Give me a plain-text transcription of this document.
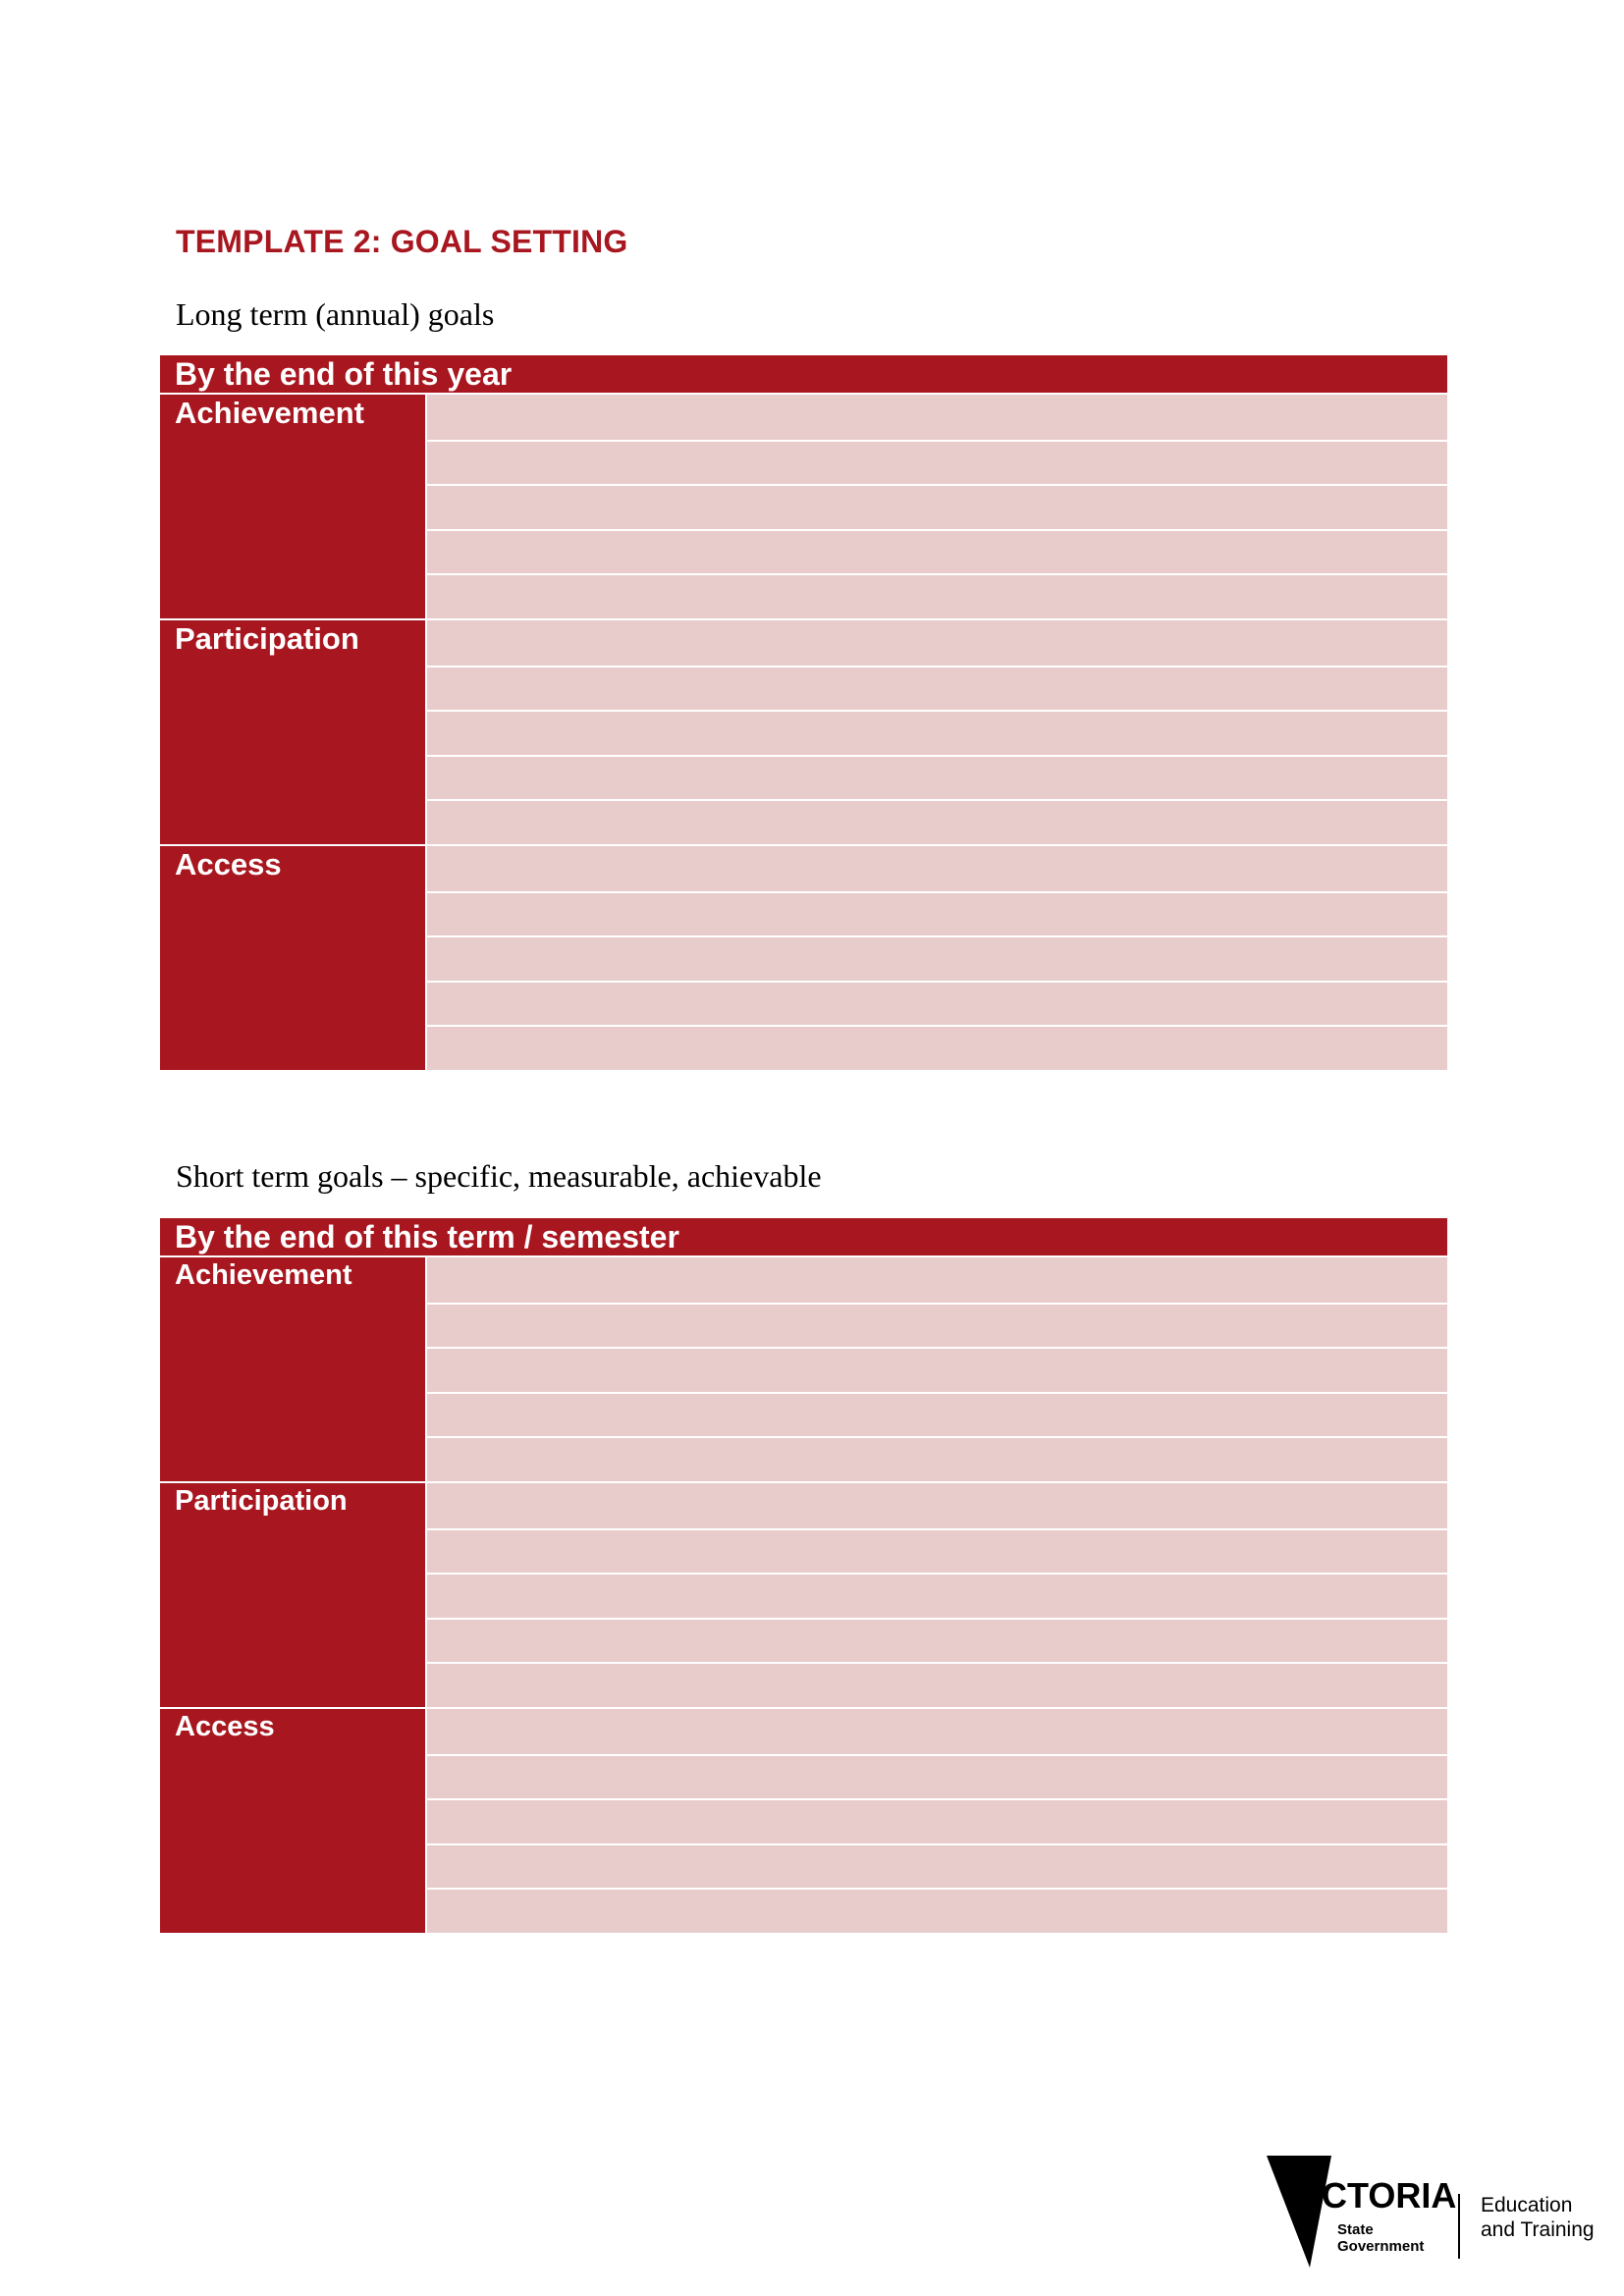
TEMPLATE 2: GOAL SETTING

Long term (annual) goals

By the end of this year
Achievement
Participation
Access

Short term goals – specific, measurable, achievable

By the end of this term / semester
Achievement
Participation
Access
VICTORIA
State
Government
Education
and Training
